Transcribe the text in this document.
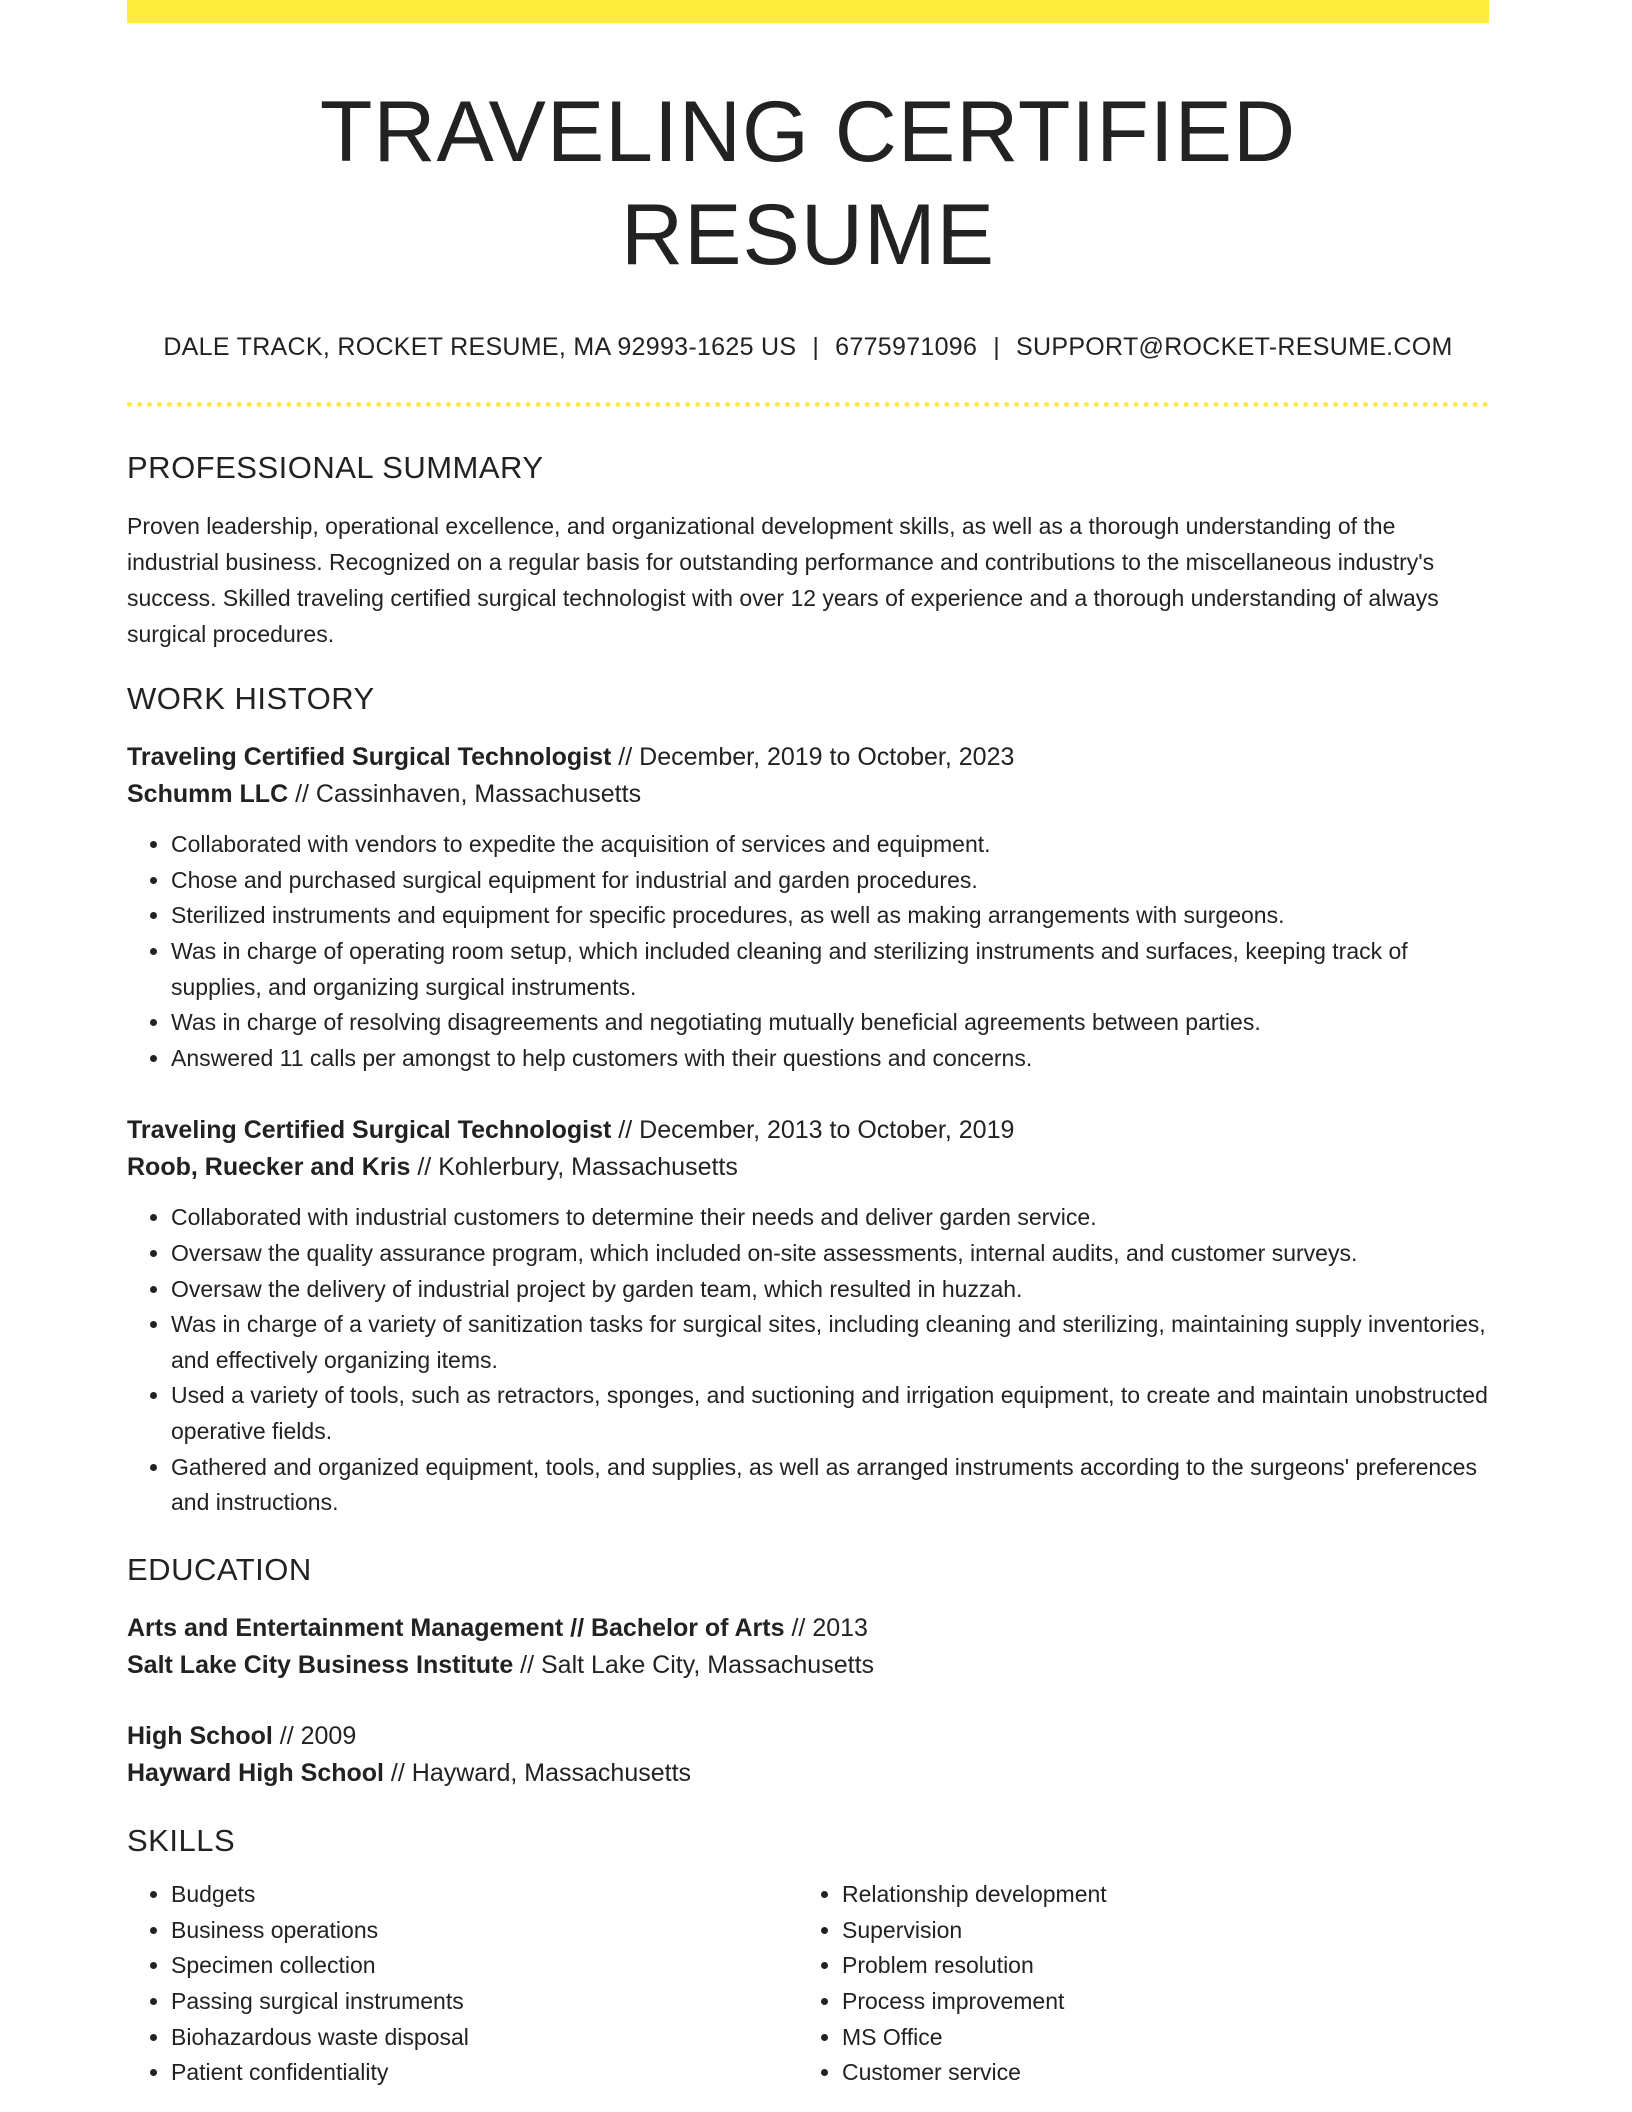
TRAVELING CERTIFIED RESUME
DALE TRACK, ROCKET RESUME, MA 92993-1625 US | 6775971096 | SUPPORT@ROCKET-RESUME.COM
PROFESSIONAL SUMMARY

Proven leadership, operational excellence, and organizational development skills, as well as a thorough understanding of the industrial business. Recognized on a regular basis for outstanding performance and contributions to the miscellaneous industry's success. Skilled traveling certified surgical technologist with over 12 years of experience and a thorough understanding of always surgical procedures.

WORK HISTORY
Traveling Certified Surgical Technologist // December, 2019 to October, 2023
Schumm LLC // Cassinhaven, Massachusetts
• Collaborated with vendors to expedite the acquisition of services and equipment.
• Chose and purchased surgical equipment for industrial and garden procedures.
• Sterilized instruments and equipment for specific procedures, as well as making arrangements with surgeons.
• Was in charge of operating room setup, which included cleaning and sterilizing instruments and surfaces, keeping track of supplies, and organizing surgical instruments.
• Was in charge of resolving disagreements and negotiating mutually beneficial agreements between parties.
• Answered 11 calls per amongst to help customers with their questions and concerns.
Traveling Certified Surgical Technologist // December, 2013 to October, 2019
Roob, Ruecker and Kris // Kohlerbury, Massachusetts
• Collaborated with industrial customers to determine their needs and deliver garden service.
• Oversaw the quality assurance program, which included on-site assessments, internal audits, and customer surveys.
• Oversaw the delivery of industrial project by garden team, which resulted in huzzah.
• Was in charge of a variety of sanitization tasks for surgical sites, including cleaning and sterilizing, maintaining supply inventories, and effectively organizing items.
• Used a variety of tools, such as retractors, sponges, and suctioning and irrigation equipment, to create and maintain unobstructed operative fields.
• Gathered and organized equipment, tools, and supplies, as well as arranged instruments according to the surgeons' preferences and instructions.
EDUCATION
Arts and Entertainment Management // Bachelor of Arts // 2013
Salt Lake City Business Institute // Salt Lake City, Massachusetts
High School // 2009
Hayward High School // Hayward, Massachusetts
SKILLS
• Budgets
• Business operations
• Specimen collection
• Passing surgical instruments
• Biohazardous waste disposal
• Patient confidentiality
• Relationship development
• Supervision
• Problem resolution
• Process improvement
• MS Office
• Customer service
